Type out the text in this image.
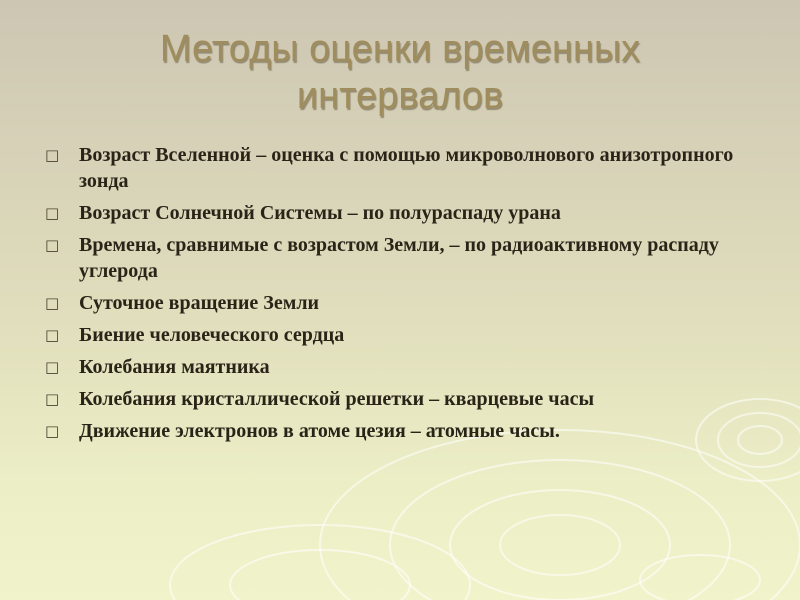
Методы оценки временных интервалов
□ Возраст Вселенной – оценка с помощью микроволнового анизотропного зонда
□ Возраст Солнечной Системы – по полураспаду урана
□ Времена, сравнимые с возрастом Земли, – по радиоактивному распаду углерода
□ Суточное вращение Земли
□ Биение человеческого сердца
□ Колебания маятника
□ Колебания кристаллической решетки – кварцевые часы
□ Движение электронов в атоме цезия – атомные часы.
